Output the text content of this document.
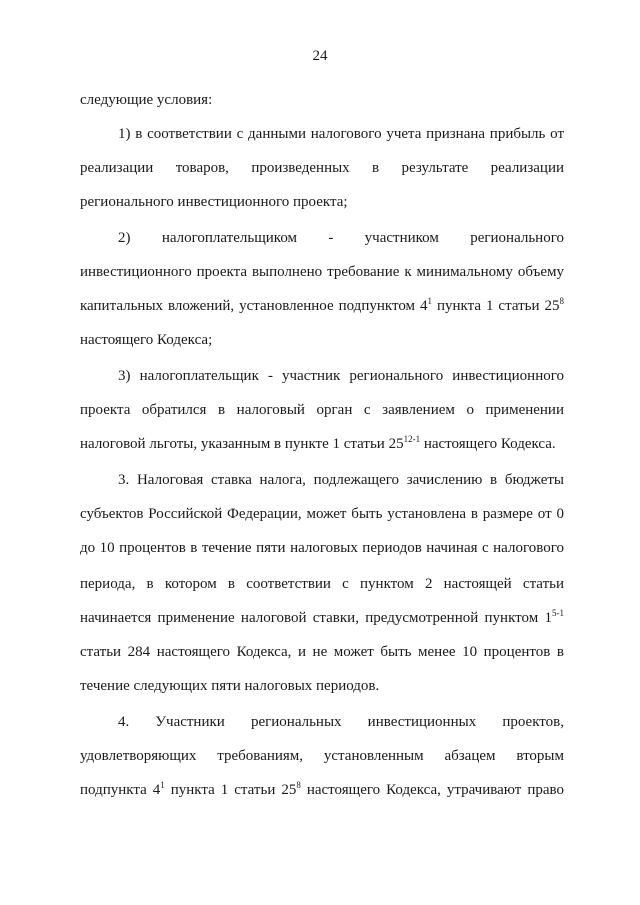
24
следующие условия:
1) в соответствии с данными налогового учета признана прибыль от
реализации товаров, произведенных в результате реализации
регионального инвестиционного проекта;
2) налогоплательщиком - участником регионального
инвестиционного проекта выполнено требование к минимальному объему
капитальных вложений, установленное подпунктом $4^1$ пункта 1 статьи $25^8$
настоящего Кодекса;
3) налогоплательщик - участник регионального инвестиционного
проекта обратился в налоговый орган с заявлением о применении
налоговой льготы, указанным в пункте 1 статьи 25$^{12-1}$ настоящего Кодекса.
3. Налоговая ставка налога, подлежащего зачислению в бюджеты
субъектов Российской Федерации, может быть установлена в размере от 0
до 10 процентов в течение пяти налоговых периодов начиная с налогового
периода, в котором в соответствии с пунктом 2 настоящей статьи
начинается применение налоговой ставки, предусмотренной пунктом 1$^{5-1}$
статьи 284 настоящего Кодекса, и не может быть менее 10 процентов в
течение следующих пяти налоговых периодов.
4. Участники региональных инвестиционных проектов,
удовлетворяющих требованиям, установленным абзацем вторым
подпункта $4^1$ пункта 1 статьи $25^8$ настоящего Кодекса, утрачивают право
